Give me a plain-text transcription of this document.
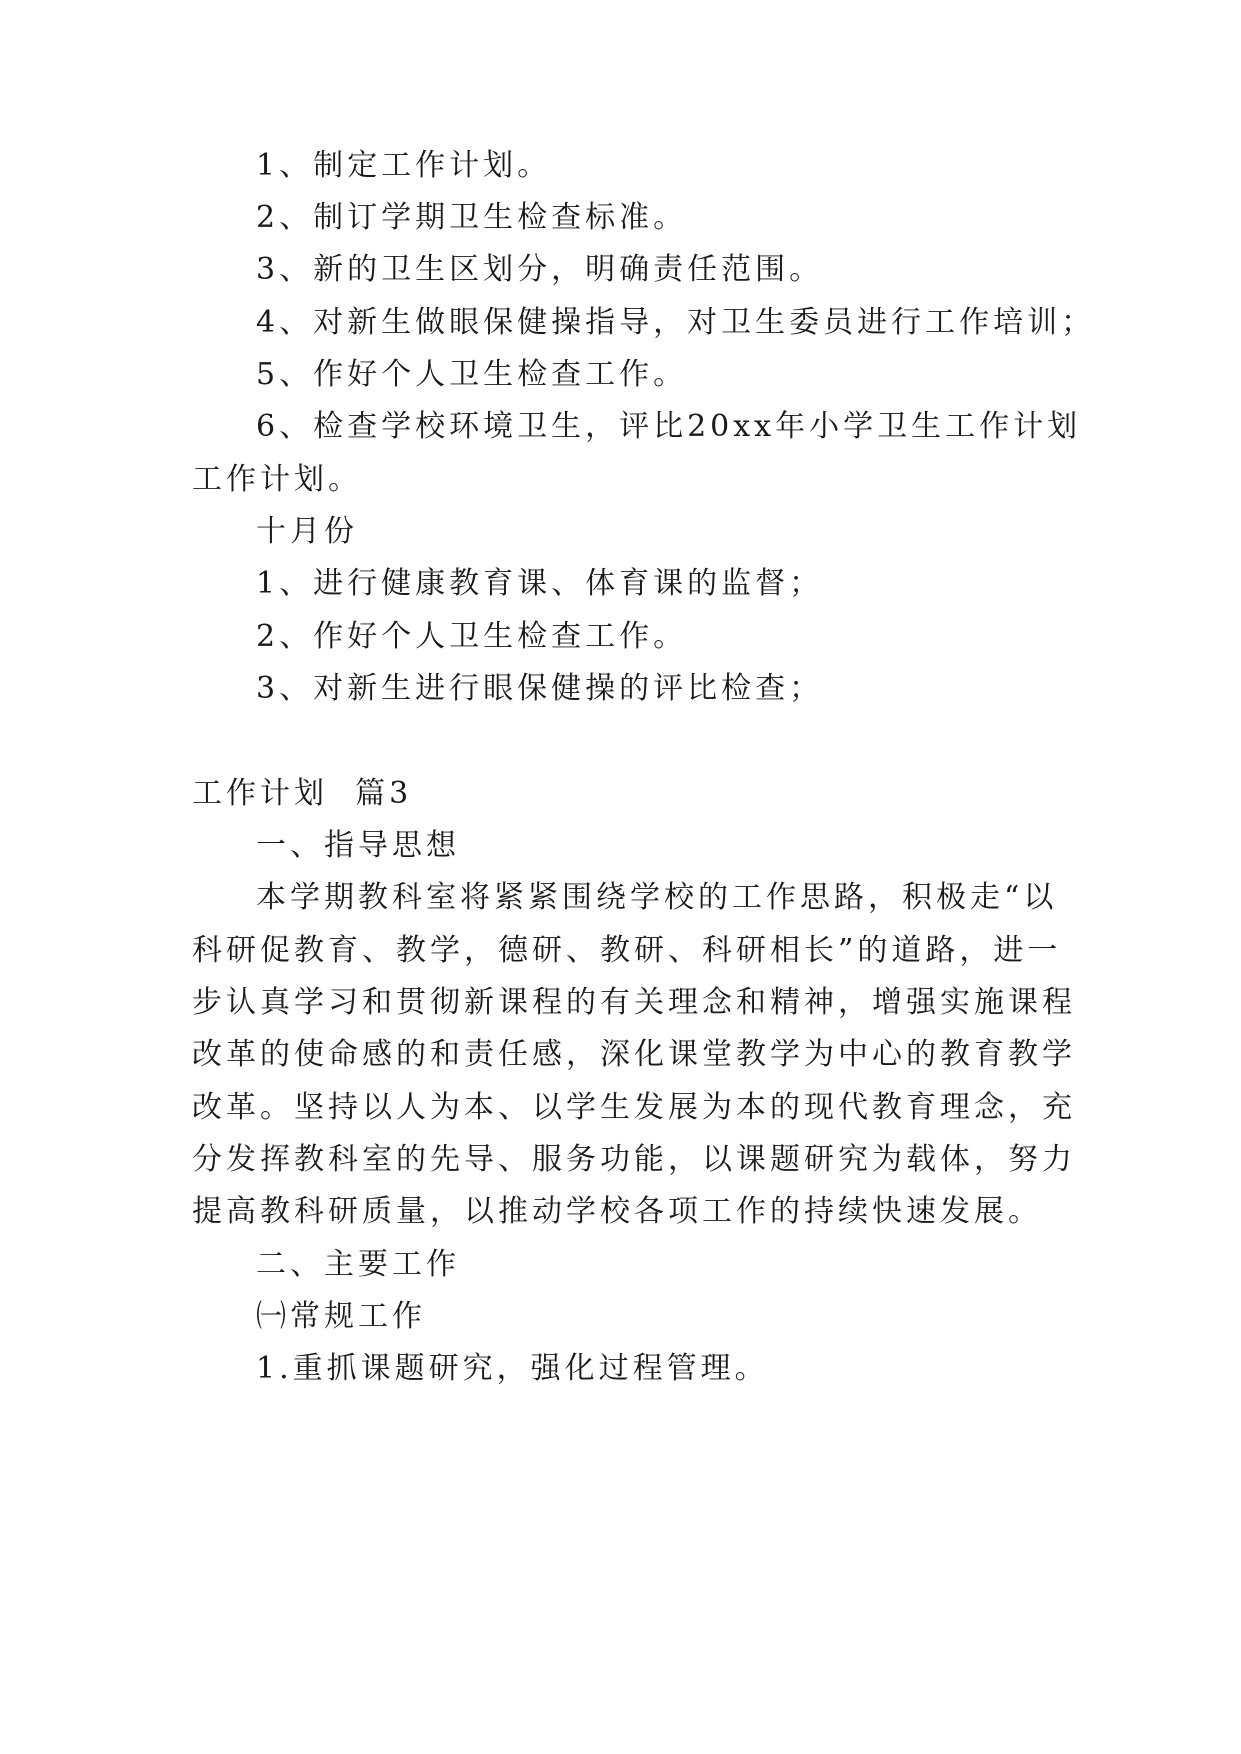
1、制定工作计划。
2、制订学期卫生检查标准。
3、新的卫生区划分，明确责任范围。
4、对新生做眼保健操指导，对卫生委员进行工作培训；
5、作好个人卫生检查工作。
6、检查学校环境卫生，评比20xx年小学卫生工作计划
工作计划。
十月份
1、进行健康教育课、体育课的监督；
2、作好个人卫生检查工作。
3、对新生进行眼保健操的评比检查；
工作计划  篇3
一、指导思想
本学期教科室将紧紧围绕学校的工作思路，积极走“以
科研促教育、教学，德研、教研、科研相长”的道路，进一
步认真学习和贯彻新课程的有关理念和精神，增强实施课程
改革的使命感的和责任感，深化课堂教学为中心的教育教学
改革。坚持以人为本、以学生发展为本的现代教育理念，充
分发挥教科室的先导、服务功能，以课题研究为载体，努力
提高教科研质量，以推动学校各项工作的持续快速发展。
二、主要工作
㈠常规工作
1.重抓课题研究，强化过程管理。
